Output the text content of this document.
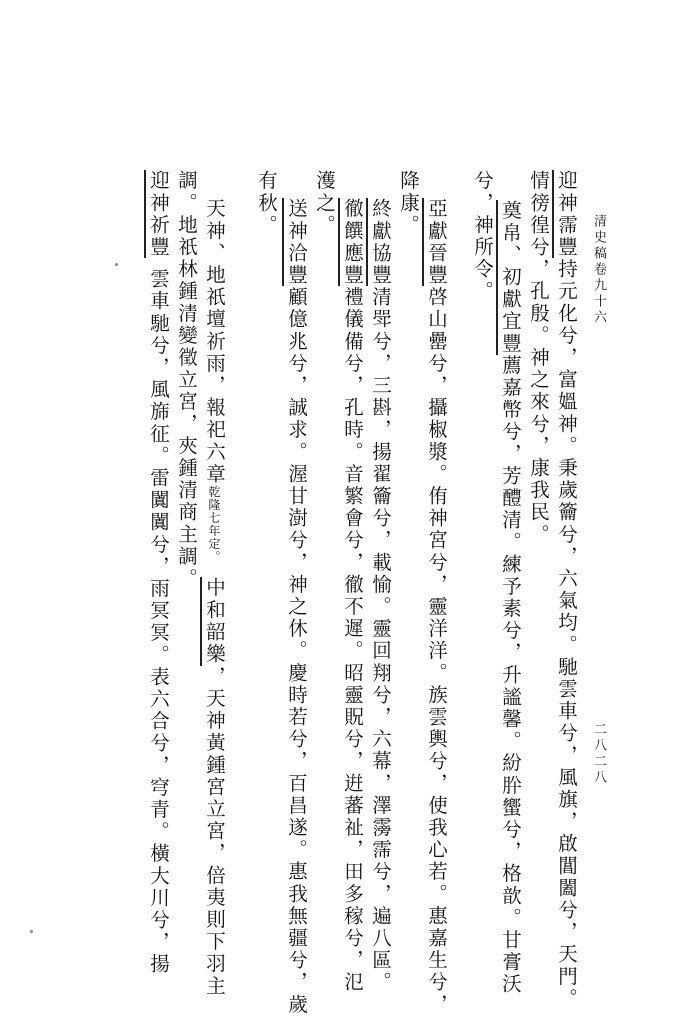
清史稿卷九十六
二八二八
迎神霈豐持元化兮，富媼神。秉歲籥兮，六氣均。馳雲車兮，風旗，啟閶闔兮，天門。
情徬徨兮，孔殷。神之來兮，康我民。
奠帛、初獻宜豐薦嘉幣兮，芳醴清。練予素兮，升謐馨。紛肸蠁兮，格歆。甘膏沃
兮，神所令。
亞獻晉豐啓山罍兮，攝椒漿。侑神宮兮，靈洋洋。族雲輿兮，使我心若。惠嘉生兮，
降康。
終獻協豐清斝兮，三斟，揚翟籥兮，載愉。靈回翔兮，六幕，澤霶霈兮，遍八區。
徹饌應豐禮儀備兮，孔時。音繁會兮，徹不遲。昭靈貺兮，逬蕃祉，田多稼兮，氾
濩之。
送神洽豐顧億兆兮，誠求。渥甘澍兮，神之休。慶時若兮，百昌遂。惠我無疆兮，歲
有秋。
天神、地祇壇祈雨，報祀六章乾隆七年定。中和韶樂，天神黃鍾宮立宮，倍夷則下羽主
調。地祇林鍾清變徵立宮，夾鍾清商主調。
迎神祈豐雲車馳兮，風旆征。雷闐闐兮，雨冥冥。表六合兮，穹青。橫大川兮，揚
